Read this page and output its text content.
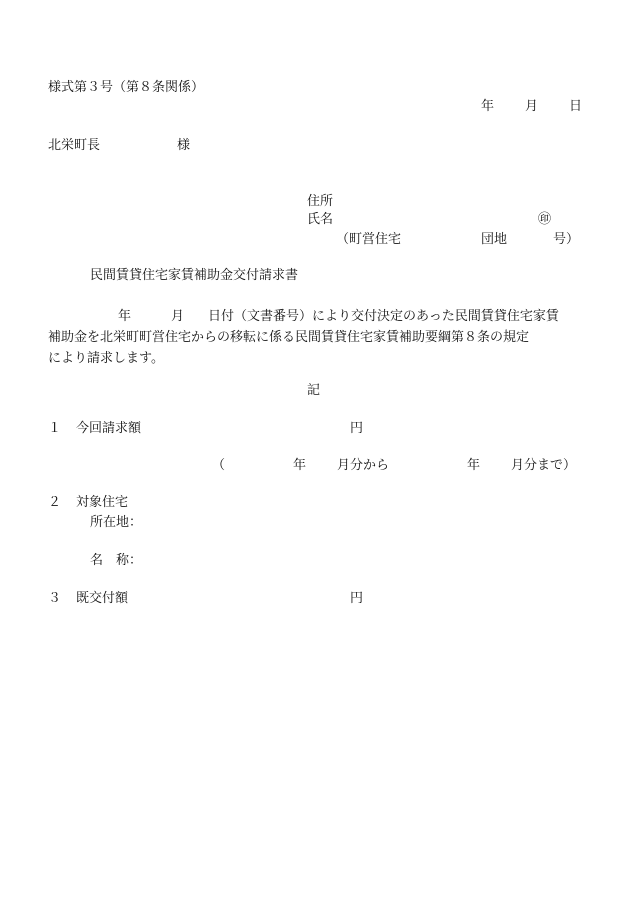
様式第３号（第８条関係）
年 月 日
北栄町長	様
住所
氏名	㊞
（町営住宅	団地	号）
民間賃貸住宅家賃補助金交付請求書
年	月 日付（文書番号）により交付決定のあった民間賃貸住宅家賃
補助金を北栄町町営住宅からの移転に係る民間賃貸住宅家賃補助要綱第８条の規定
により請求します。
記
１ 今回請求額	円
（	年 月分から	年 月分まで）
２ 対象住宅
所在地：
名　称：
３ 既交付額	円
